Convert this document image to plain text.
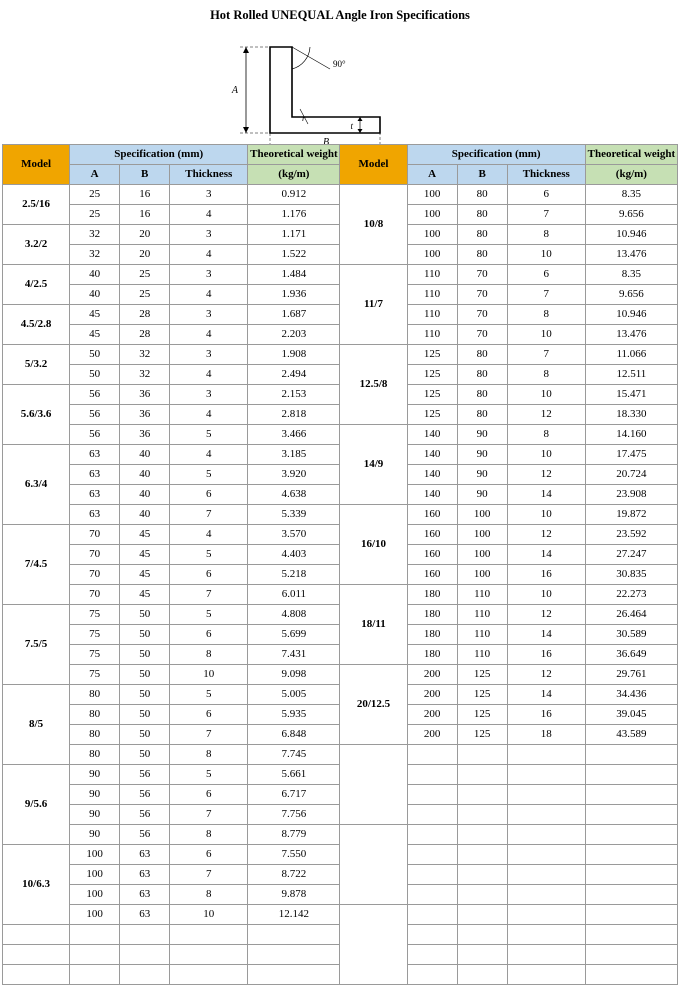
Hot Rolled UNEQUAL Angle Iron Specifications
A
B
t
90°
r
Model	Specification (mm)			Theoretical weight	Model	Specification (mm)			Theoretical weight
	A	B	Thickness	(kg/m)		A	B	Thickness	(kg/m)
2.5/16	25	16	3	0.912	10/8	100	80	6	8.35
	25	16	4	1.176		100	80	7	9.656
3.2/2	32	20	3	1.171		100	80	8	10.946
	32	20	4	1.522		100	80	10	13.476
4/2.5	40	25	3	1.484	11/7	110	70	6	8.35
	40	25	4	1.936		110	70	7	9.656
4.5/2.8	45	28	3	1.687		110	70	8	10.946
	45	28	4	2.203		110	70	10	13.476
5/3.2	50	32	3	1.908	12.5/8	125	80	7	11.066
	50	32	4	2.494		125	80	8	12.511
5.6/3.6	56	36	3	2.153		125	80	10	15.471
	56	36	4	2.818		125	80	12	18.330
	56	36	5	3.466	14/9	140	90	8	14.160
6.3/4	63	40	4	3.185		140	90	10	17.475
	63	40	5	3.920		140	90	12	20.724
	63	40	6	4.638		140	90	14	23.908
	63	40	7	5.339	16/10	160	100	10	19.872
7/4.5	70	45	4	3.570		160	100	12	23.592
	70	45	5	4.403		160	100	14	27.247
	70	45	6	5.218		160	100	16	30.835
	70	45	7	6.011	18/11	180	110	10	22.273
7.5/5	75	50	5	4.808		180	110	12	26.464
	75	50	6	5.699		180	110	14	30.589
	75	50	8	7.431		180	110	16	36.649
	75	50	10	9.098	20/12.5	200	125	12	29.761
8/5	80	50	5	5.005		200	125	14	34.436
	80	50	6	5.935		200	125	16	39.045
	80	50	7	6.848		200	125	18	43.589
	80	50	8	7.745					
9/5.6	90	56	5	5.661					
	90	56	6	6.717					
	90	56	7	7.756					
	90	56	8	8.779					
10/6.3	100	63	6	7.550					
	100	63	7	8.722					
	100	63	8	9.878					
	100	63	10	12.142					
